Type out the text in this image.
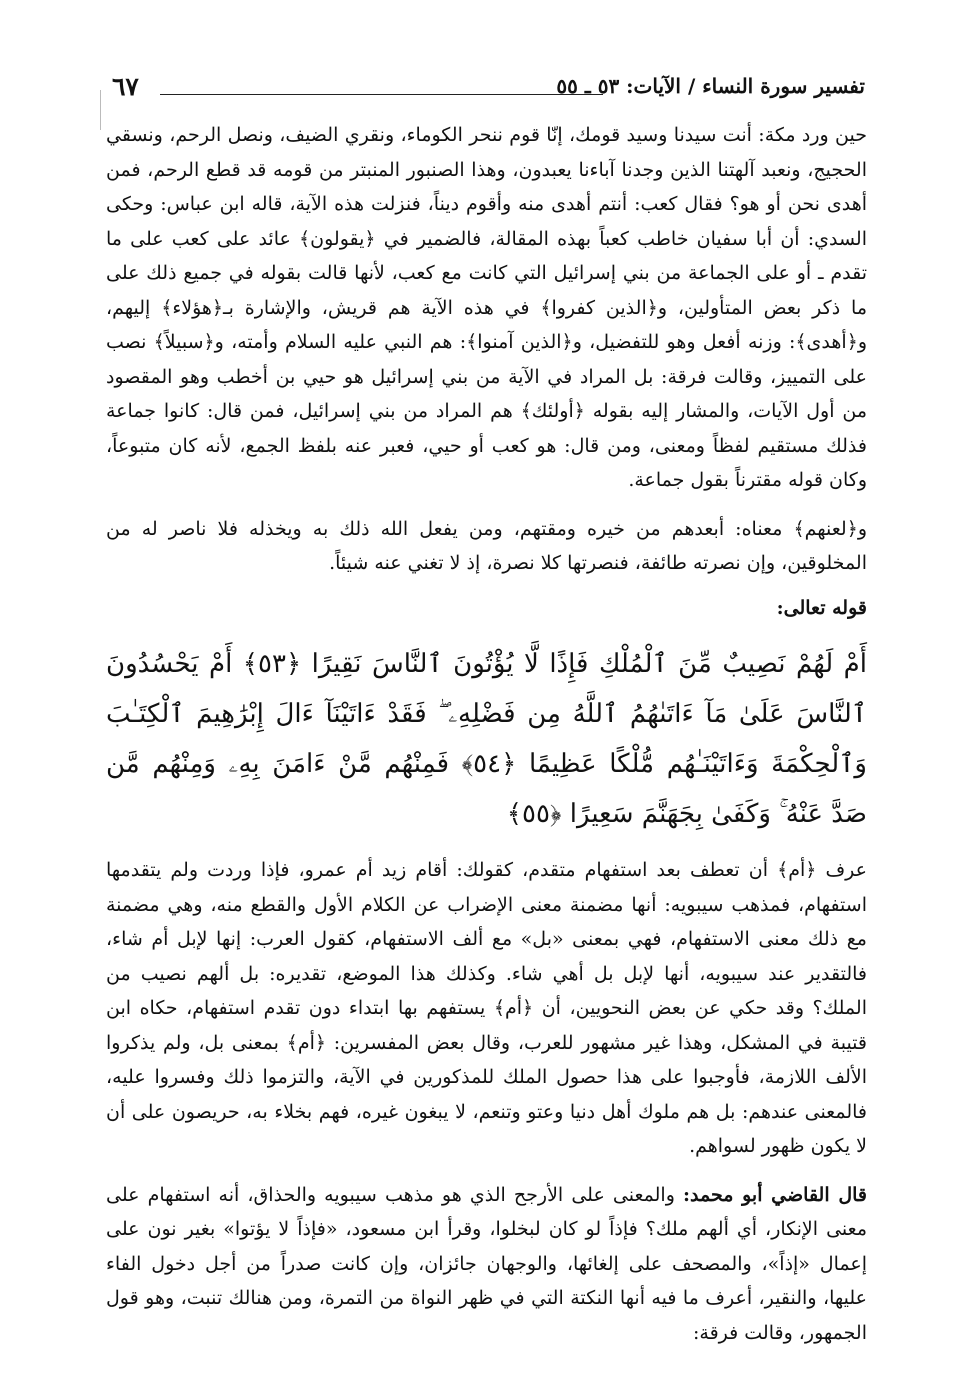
تفسير سورة النساء / الآيات: ٥٣ ـ ٥٥
٦٧

حين ورد مكة: أنت سيدنا وسيد قومك، إنّا قوم ننحر الكوماء، ونقري الضيف، ونصل الرحم، ونسقي الحجيج، ونعبد آلهتنا الذين وجدنا آباءنا يعبدون، وهذا الصنبور المنبتر من قومه قد قطع الرحم، فمن أهدى نحن أو هو؟ فقال كعب: أنتم أهدى منه وأقوم ديناً، فنزلت هذه الآية، قاله ابن عباس: وحكى السدي: أن أبا سفيان خاطب كعباً بهذه المقالة، فالضمير في ﴿يقولون﴾ عائد على كعب على ما تقدم ـ أو على الجماعة من بني إسرائيل التي كانت مع كعب، لأنها قالت بقوله في جميع ذلك على ما ذكر بعض المتأولين، و﴿الذين كفروا﴾ في هذه الآية هم قريش، والإشارة بـ﴿هؤلاء﴾ إليهم، و﴿أهدى﴾: وزنه أفعل وهو للتفضيل، و﴿الذين آمنوا﴾: هم النبي عليه السلام وأمته، و﴿سبيلاً﴾ نصب على التمييز، وقالت فرقة: بل المراد في الآية من بني إسرائيل هو حيي بن أخطب وهو المقصود من أول الآيات، والمشار إليه بقوله ﴿أولئك﴾ هم المراد من بني إسرائيل، فمن قال: كانوا جماعة فذلك مستقيم لفظاً ومعنى، ومن قال: هو كعب أو حيي، فعبر عنه بلفظ الجمع، لأنه كان متبوعاً، وكان قوله مقترناً بقول جماعة.

و﴿لعنهم﴾ معناه: أبعدهم من خيره ومقتهم، ومن يفعل الله ذلك به ويخذله فلا ناصر له من المخلوقين، وإن نصرته طائفة، فنصرتها كلا نصرة، إذ لا تغني عنه شيئاً.

قوله تعالى:
أَمْ لَهُمْ نَصِيبٌ مِّنَ ٱلْمُلْكِ فَإِذًا لَّا يُؤْتُونَ ٱلنَّاسَ نَقِيرًا ﴿٥٣﴾ أَمْ يَحْسُدُونَ ٱلنَّاسَ عَلَىٰ مَآ ءَاتَىٰهُمُ ٱللَّهُ مِن فَضْلِهِۦ ۖ فَقَدْ ءَاتَيْنَآ ءَالَ إِبْرَٰهِيمَ ٱلْكِتَـٰبَ وَٱلْحِكْمَةَ وَءَاتَيْنَـٰهُم مُّلْكًا عَظِيمًا ﴿٥٤﴾ فَمِنْهُم مَّنْ ءَامَنَ بِهِۦ وَمِنْهُم مَّن صَدَّ عَنْهُ ۚ وَكَفَىٰ بِجَهَنَّمَ سَعِيرًا ﴿٥٥﴾

عرف ﴿أم﴾ أن تعطف بعد استفهام متقدم، كقولك: أقام زيد أم عمرو، فإذا وردت ولم يتقدمها استفهام، فمذهب سيبويه: أنها مضمنة معنى الإضراب عن الكلام الأول والقطع منه، وهي مضمنة مع ذلك معنى الاستفهام، فهي بمعنى «بل» مع ألف الاستفهام، كقول العرب: إنها لإبل أم شاء، فالتقدير عند سيبويه، أنها لإبل بل أهي شاء. وكذلك هذا الموضع، تقديره: بل ألهم نصيب من الملك؟ وقد حكي عن بعض النحويين، أن ﴿أم﴾ يستفهم بها ابتداء دون تقدم استفهام، حكاه ابن قتيبة في المشكل، وهذا غير مشهور للعرب، وقال بعض المفسرين: ﴿أم﴾ بمعنى بل، ولم يذكروا الألف اللازمة، فأوجبوا على هذا حصول الملك للمذكورين في الآية، والتزموا ذلك وفسروا عليه، فالمعنى عندهم: بل هم ملوك أهل دنيا وعتو وتنعم، لا يبغون غيره، فهم بخلاء به، حريصون على أن لا يكون ظهور لسواهم.

قال القاضي أبو محمد: والمعنى على الأرجح الذي هو مذهب سيبويه والحذاق، أنه استفهام على معنى الإنكار، أي ألهم ملك؟ فإذاً لو كان لبخلوا، وقرأ ابن مسعود، «فإذاً لا يؤتوا» بغير نون على إعمال «إذاً»، والمصحف على إلغائها، والوجهان جائزان، وإن كانت صدراً من أجل دخول الفاء عليها، والنقير، أعرف ما فيه أنها النكتة التي في ظهر النواة من التمرة، ومن هنالك تنبت، وهو قول الجمهور، وقالت فرقة:
